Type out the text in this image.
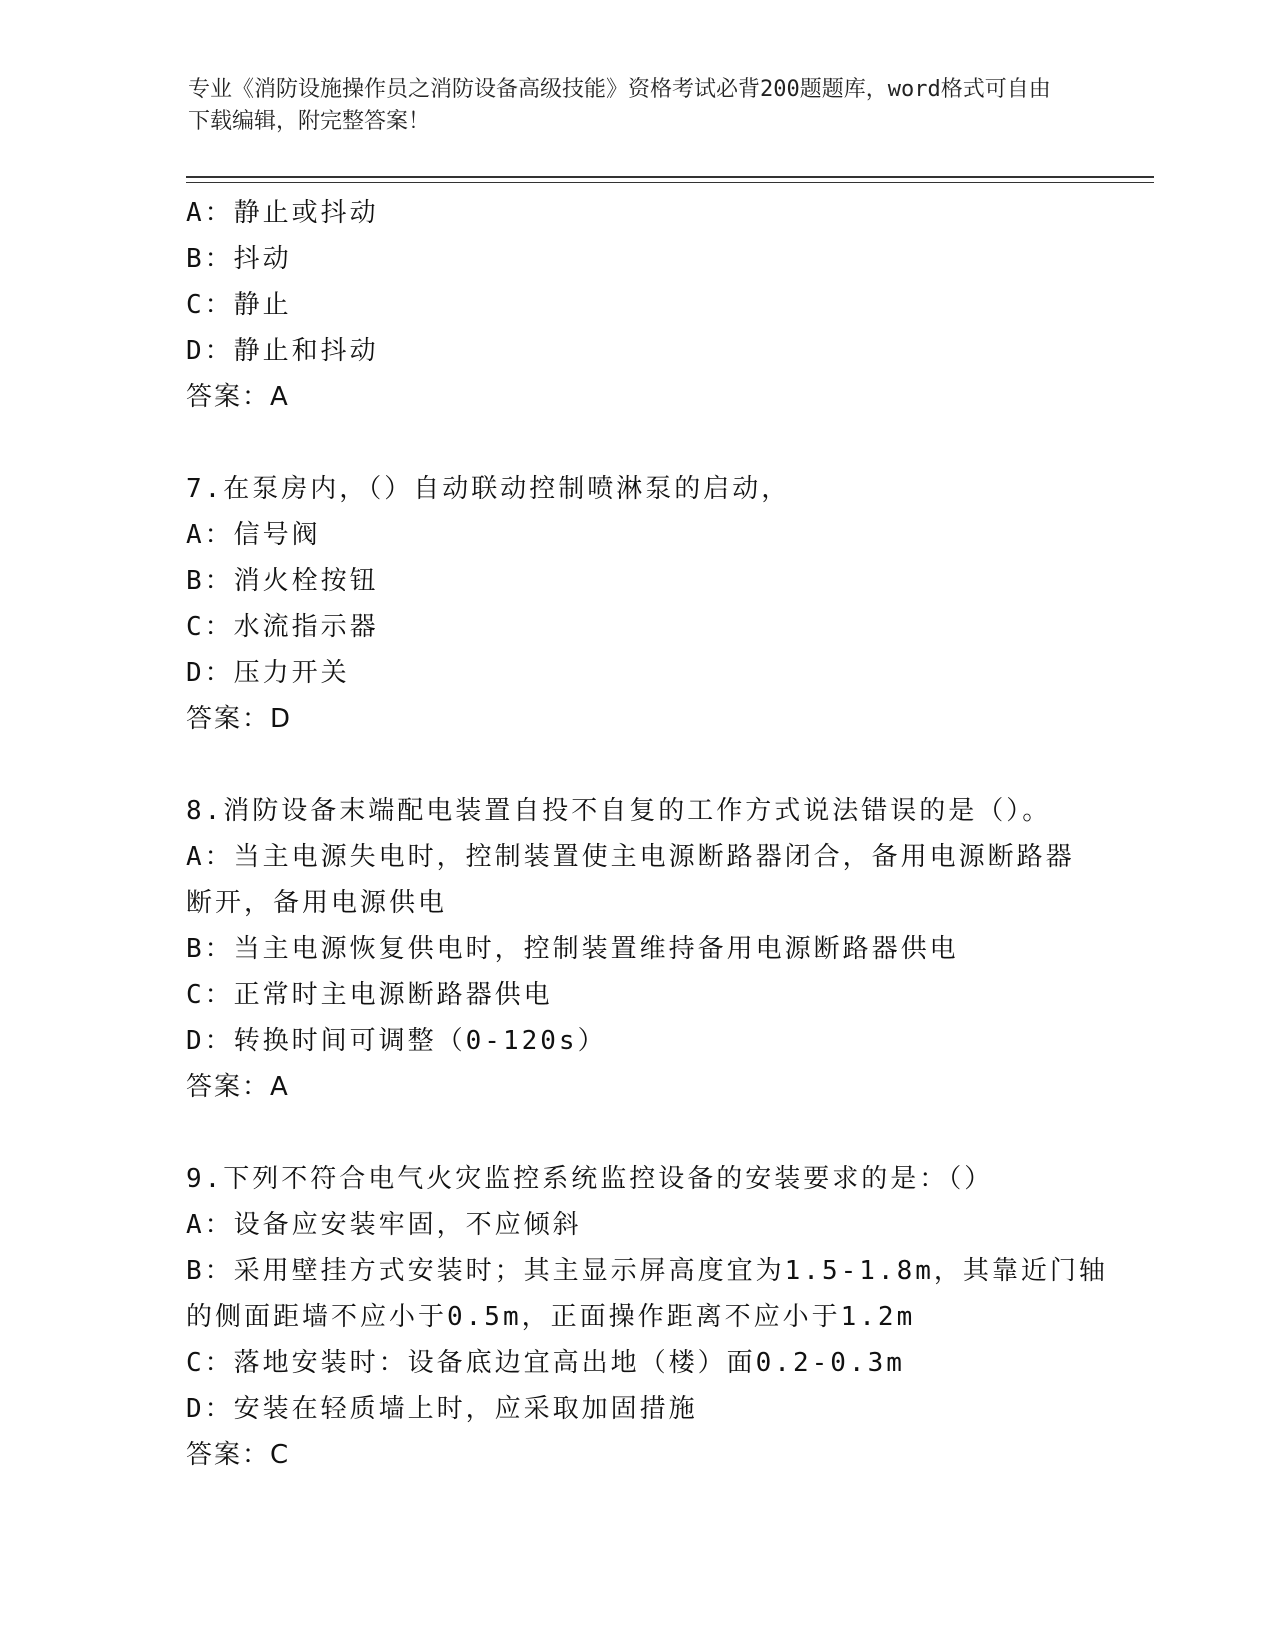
专业《消防设施操作员之消防设备高级技能》资格考试必背200题题库，word格式可自由下载编辑，附完整答案！
A：静止或抖动
B：抖动
C：静止
D：静止和抖动
答案：A
7.在泵房内，（）自动联动控制喷淋泵的启动，
A：信号阀
B：消火栓按钮
C：水流指示器
D：压力开关
答案：D
8.消防设备末端配电装置自投不自复的工作方式说法错误的是（）。
A：当主电源失电时，控制装置使主电源断路器闭合，备用电源断路器
断开，备用电源供电
B：当主电源恢复供电时，控制装置维持备用电源断路器供电
C：正常时主电源断路器供电
D：转换时间可调整（0-120s）
答案：A
9.下列不符合电气火灾监控系统监控设备的安装要求的是：（）
A：设备应安装牢固，不应倾斜
B：采用壁挂方式安装时；其主显示屏高度宜为1.5-1.8m，其靠近门轴
的侧面距墙不应小于0.5m，正面操作距离不应小于1.2m
C：落地安装时：设备底边宜高出地（楼）面0.2-0.3m
D：安装在轻质墙上时，应采取加固措施
答案：C
